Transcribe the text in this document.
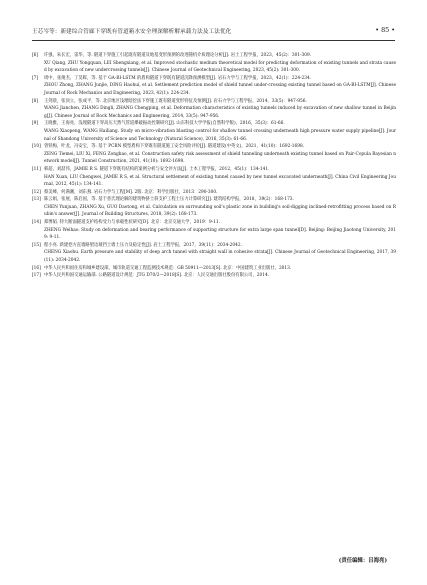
王芯岑等：新建综合管廊下穿既有管道箱水安全理深解析解承载力法及工法优化	• 85 •
[6] 许强，朱长宏，雷华，等. 隧道下穿施工引起既有隧道及地基变形预测的改进随机介质理论分析[J]. 岩土工程学报，2023，45(2)：301-309.
XU Qiang, ZHU Yongquan, LEI Shengxiang, et al. Improved stochastic medium theoretical model for predicting deformation of existing tunnels and strata caused by excavation of new undercrossing tunnels[J]. Chinese Journal of Geotechnical Engineering, 2023, 45(2): 301-300.
[7] 周中，张俊杰，丁昊晖，等. 基于 GA-BI-LSTM 的盾构隧道下穿既有隧道沉降预测模型[J]. 岩石力学与工程学报，2023，42(1)：224-234.
ZHOU Zhong, ZHANG Junjie, DING Haohui, et al. Settlement prediction model of shield tunnel under-crossing existing tunnel based on GA-BI-LSTM[J]. Chinese Journal of Rock Mechanics and Engineering, 2023, 42(1): 224-234.
[8] 王剑晨，张顶立，张成平，等. 北京地区浅埋暗挖法下穿施工既有隧道变形特征及预测[J]. 岩石力学与工程学报，2014，33(5)：947-956.
WANG Jianchen, ZHANG Dingli, ZHANG Chengping, et al. Deformation characteristics of existing tunnels induced by excavation of new shallow tunnel in Beijing[J]. Chinese Journal of Rock Mechanics and Engineering, 2014, 33(5): 947-956.
[9] 王晓雅，王海亮，浅埋隧道下穿高压天然气管道爆破振动控制研究[J]. 山东科技大学学报(自然科学版)，2016，35(3)：61-66.
WANG Xiaopeng, WANG Hailiang. Study on micro-vibration blasting control for shallow tunnel crossing underneath high pressure water supply pipeline[J]. Journal of Shandong University of Science and Technology (Natural Science), 2016, 35(3): 61-66.
[10] 曾铁梅，叶龙，冯安宝，等. 基于 PCBN 模型盾构下穿既有隧道施工安全风险评价[J]. 隧道建设(中英文)，2021，41(10)：1692-1698.
ZENG Tiemei, LIU Xi, FENG Zonghao, et al. Construction safety risk assessment of shield tunneling underneath existing tunnel based on Pair-Copula Bayesian network model[J]. Tunnel Construction, 2021, 41(10): 1692-1698.
[11] 韩超，刘喆伟，JAMIE R S. 隧道下穿既有结构的案例分析与安全评方法[J]. 土木工程学报，2012，45(1)：134-141.
HAN Xuan, LIU Chengwei, JAMIE R S, et al. Structural settlement of existing tunnel caused by new tunnel excavated underneath[J]. China Civil Engineering Journal, 2012, 45(1): 134-141.
[12] 蔡美峰，何满潮，刘东燕. 岩石力学与工程[M]. 2版. 北京：科学出版社，2013：290-300.
[13] 陈云娟，张展，陈启国，等. 基于普氏理论解的建筑物挤土斜支护工程土压力计算研究[J]. 建筑结构学报，2018，39(2)：168-173.
CHEN Yunjuan, ZHANG Xu, GUO Daotong, et al. Calculation on surrounding soil's plastic zone in building's soil-digging inclined-retrofitting process based on Rubin's answer[J]. Journal of Building Structures, 2018, 39(2): 168-173.
[14] 郑博韬. 特大断面隧道支护结构受力与承载性状研究[D]. 北京：北京交通大学，2019：9-11.
ZHENG Weihao. Study on deformation and bearing performance of supporting structure for extra large span tunnel[D]. Beijing: Beijing Jiaotong University, 2019: 9-11.
[15] 程小亮. 新建挖方直墙路堑边坡挡土墙土压力及稳定性[J]. 岩土工程学报，2017，39(11)：2034-2042.
CHENG Xiaohu. Earth pressure and stability of deep arch tunnel with straight wall in cohesive strata[J]. Chinese Journal of Geotechnical Engineering, 2017, 39(11): 2034-2042.
[16] 中华人民共和国住房和城乡建设部，城市轨道交通工程监测技术规范：GB 50911—2013[S]. 北京：中国建筑工业出版社，2013.
[17] 中华人民共和国交通运输部. 公路隧道设计规范：JTG D70/2—2018[S]. 北京：人民交通出版社股份有限公司，2014.
(责任编辑：吕海亮)
